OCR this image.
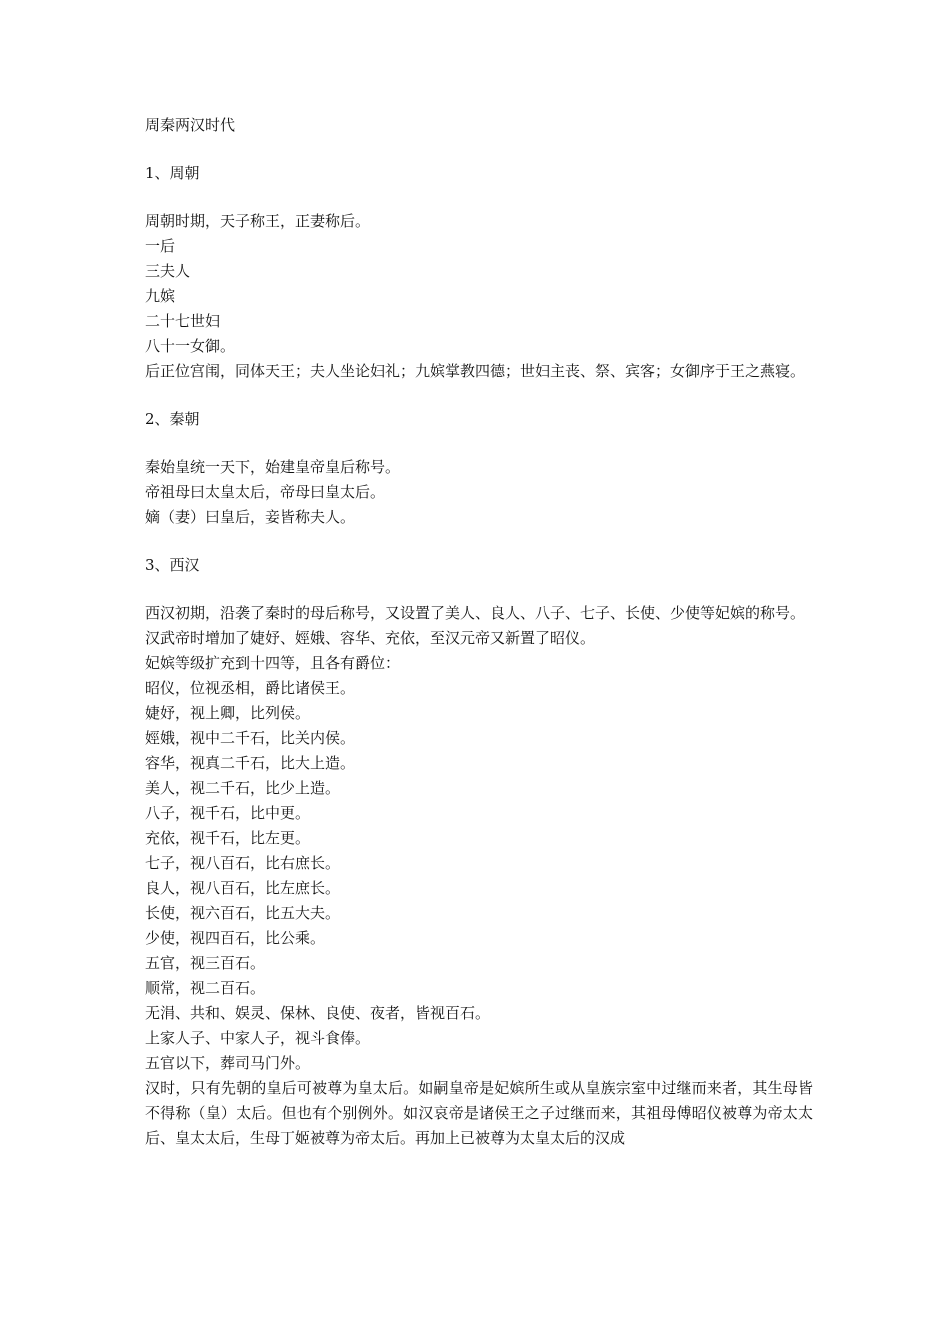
周秦两汉时代
1、周朝
周朝时期，天子称王，正妻称后。
一后
三夫人
九嫔
二十七世妇
八十一女御。
后正位宫闱，同体天王；夫人坐论妇礼；九嫔掌教四德；世妇主丧、祭、宾客；女御序于王之燕寝。
2、秦朝
秦始皇统一天下，始建皇帝皇后称号。
帝祖母曰太皇太后，帝母曰皇太后。
嫡（妻）曰皇后，妾皆称夫人。
3、西汉
西汉初期，沿袭了秦时的母后称号，又设置了美人、良人、八子、七子、长使、少使等妃嫔的称号。
汉武帝时增加了婕妤、娙娥、容华、充依，至汉元帝又新置了昭仪。
妃嫔等级扩充到十四等，且各有爵位：
昭仪，位视丞相，爵比诸侯王。
婕妤，视上卿，比列侯。
娙娥，视中二千石，比关内侯。
容华，视真二千石，比大上造。
美人，视二千石，比少上造。
八子，视千石，比中更。
充依，视千石，比左更。
七子，视八百石，比右庶长。
良人，视八百石，比左庶长。
长使，视六百石，比五大夫。
少使，视四百石，比公乘。
五官，视三百石。
顺常，视二百石。
无涓、共和、娱灵、保林、良使、夜者，皆视百石。
上家人子、中家人子，视斗食俸。
五官以下，葬司马门外。
汉时，只有先朝的皇后可被尊为皇太后。如嗣皇帝是妃嫔所生或从皇族宗室中过继而来者，其生母皆不得称（皇）太后。但也有个别例外。如汉哀帝是诸侯王之子过继而来，其祖母傅昭仪被尊为帝太太后、皇太太后，生母丁姬被尊为帝太后。再加上已被尊为太皇太后的汉成
